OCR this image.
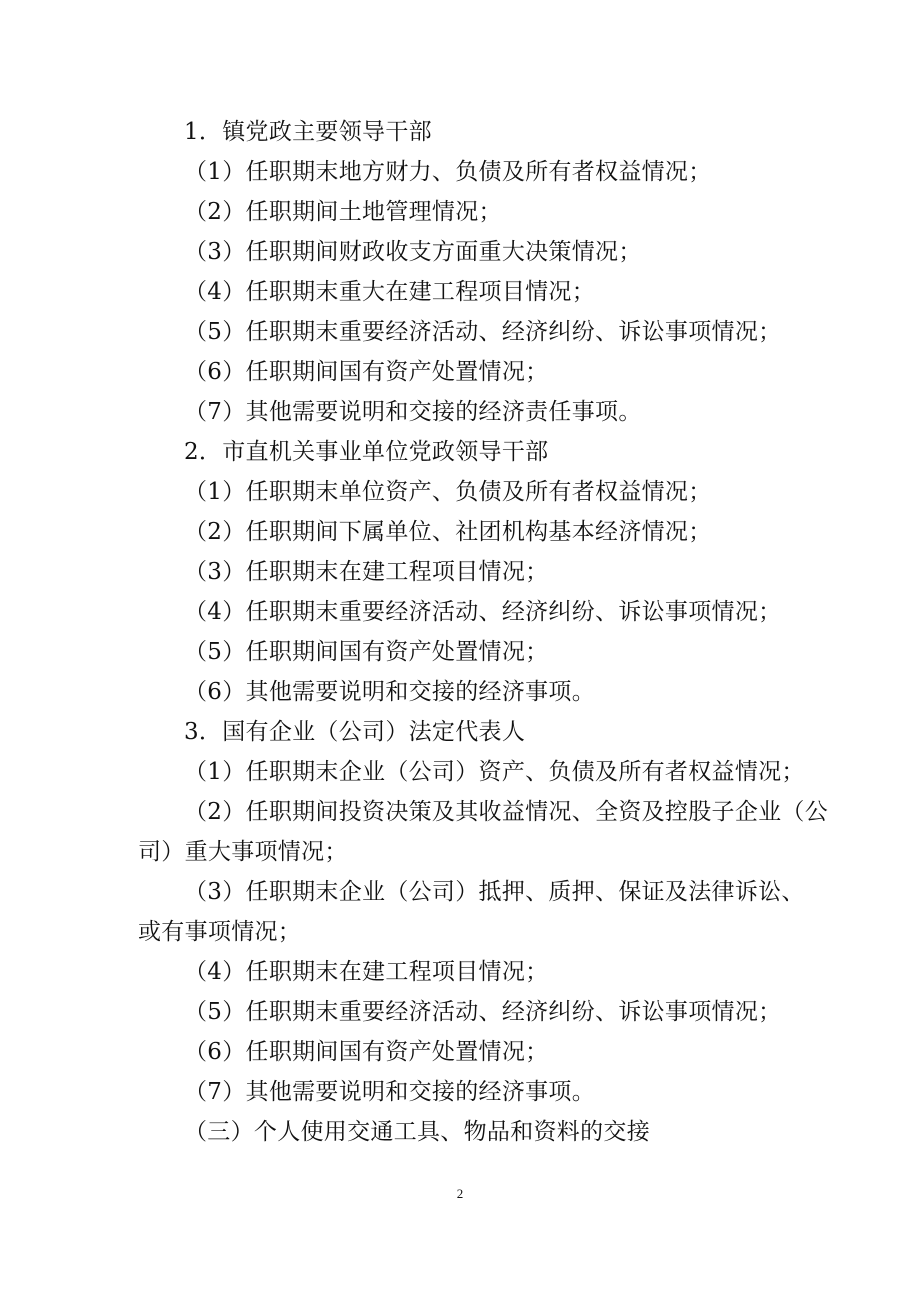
1．镇党政主要领导干部
（1）任职期末地方财力、负债及所有者权益情况；
（2）任职期间土地管理情况；
（3）任职期间财政收支方面重大决策情况；
（4）任职期末重大在建工程项目情况；
（5）任职期末重要经济活动、经济纠纷、诉讼事项情况；
（6）任职期间国有资产处置情况；
（7）其他需要说明和交接的经济责任事项。
2．市直机关事业单位党政领导干部
（1）任职期末单位资产、负债及所有者权益情况；
（2）任职期间下属单位、社团机构基本经济情况；
（3）任职期末在建工程项目情况；
（4）任职期末重要经济活动、经济纠纷、诉讼事项情况；
（5）任职期间国有资产处置情况；
（6）其他需要说明和交接的经济事项。
3．国有企业（公司）法定代表人
（1）任职期末企业（公司）资产、负债及所有者权益情况；
（2）任职期间投资决策及其收益情况、全资及控股子企业（公
司）重大事项情况；
（3）任职期末企业（公司）抵押、质押、保证及法律诉讼、
或有事项情况；
（4）任职期末在建工程项目情况；
（5）任职期末重要经济活动、经济纠纷、诉讼事项情况；
（6）任职期间国有资产处置情况；
（7）其他需要说明和交接的经济事项。
（三）个人使用交通工具、物品和资料的交接
2
